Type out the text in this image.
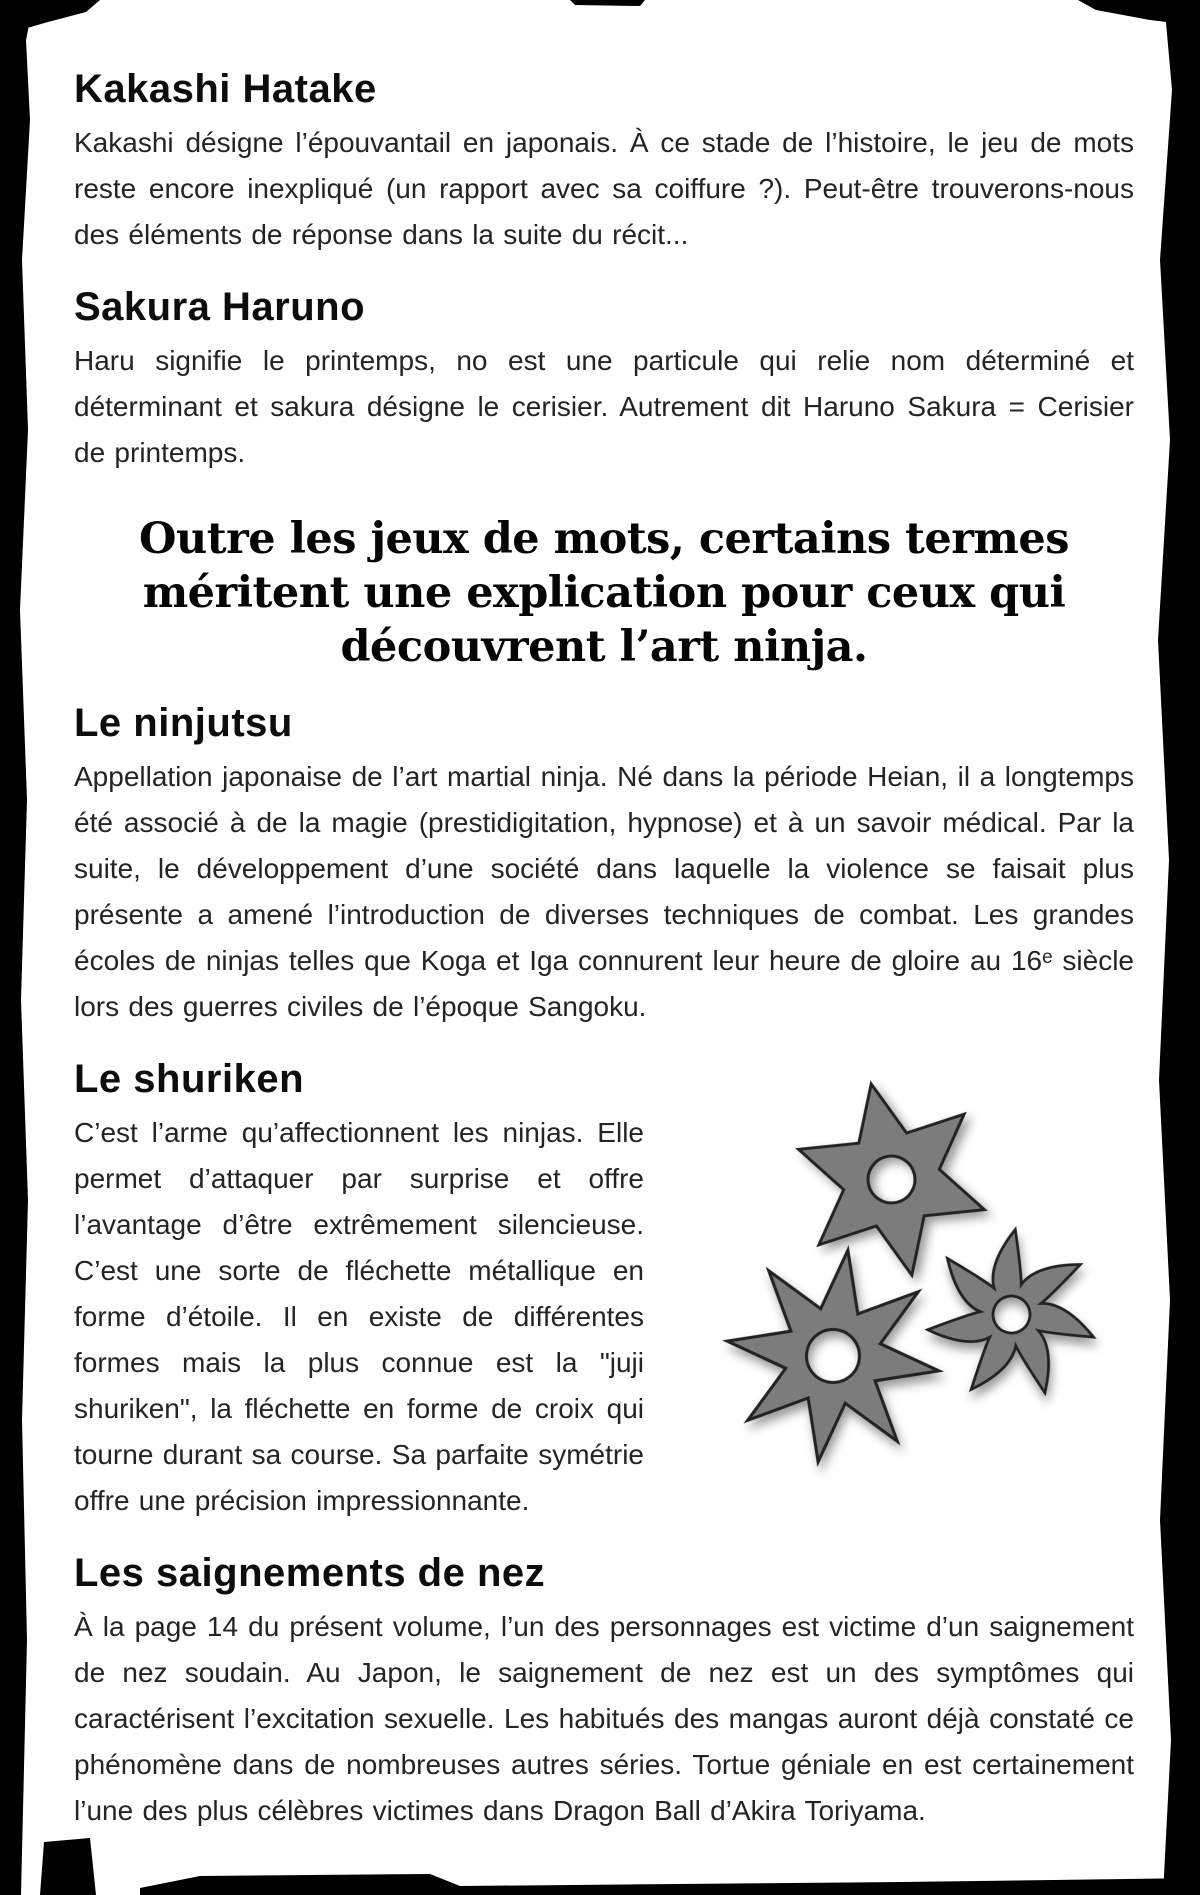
Kakashi Hatake

Kakashi désigne l’épouvantail en japonais. À ce stade de l’histoire, le jeu de mots reste encore inexpliqué (un rapport avec sa coiffure ?). Peut-être trouverons-nous des éléments de réponse dans la suite du récit...

Sakura Haruno

Haru signifie le printemps, no est une particule qui relie nom déterminé et déterminant et sakura désigne le cerisier. Autrement dit Haruno Sakura = Cerisier de printemps.

Outre les jeux de mots, certains termes
méritent une explication pour ceux qui
découvrent l’art ninja.
Le ninjutsu

Appellation japonaise de l’art martial ninja. Né dans la période Heian, il a longtemps été associé à de la magie (prestidigitation, hypnose) et à un savoir médical. Par la suite, le développement d’une société dans laquelle la violence se faisait plus présente a amené l’introduction de diverses techniques de combat. Les grandes écoles de ninjas telles que Koga et Iga connurent leur heure de gloire au 16ᵉ siècle lors des guerres civiles de l’époque Sangoku.

Le shuriken

C’est l’arme qu’affectionnent les ninjas. Elle permet d’attaquer par surprise et offre l’avantage d’être extrêmement silencieuse. C’est une sorte de fléchette métallique en forme d’étoile. Il en existe de différentes formes mais la plus connue est la "juji shuriken", la fléchette en forme de croix qui tourne durant sa course. Sa parfaite symétrie offre une précision impressionnante.

Les saignements de nez

À la page 14 du présent volume, l’un des personnages est victime d’un saignement de nez soudain. Au Japon, le saignement de nez est un des symptômes qui caractérisent l’excitation sexuelle. Les habitués des mangas auront déjà constaté ce phénomène dans de nombreuses autres séries. Tortue géniale en est certainement l’une des plus célèbres victimes dans Dragon Ball d’Akira Toriyama.
